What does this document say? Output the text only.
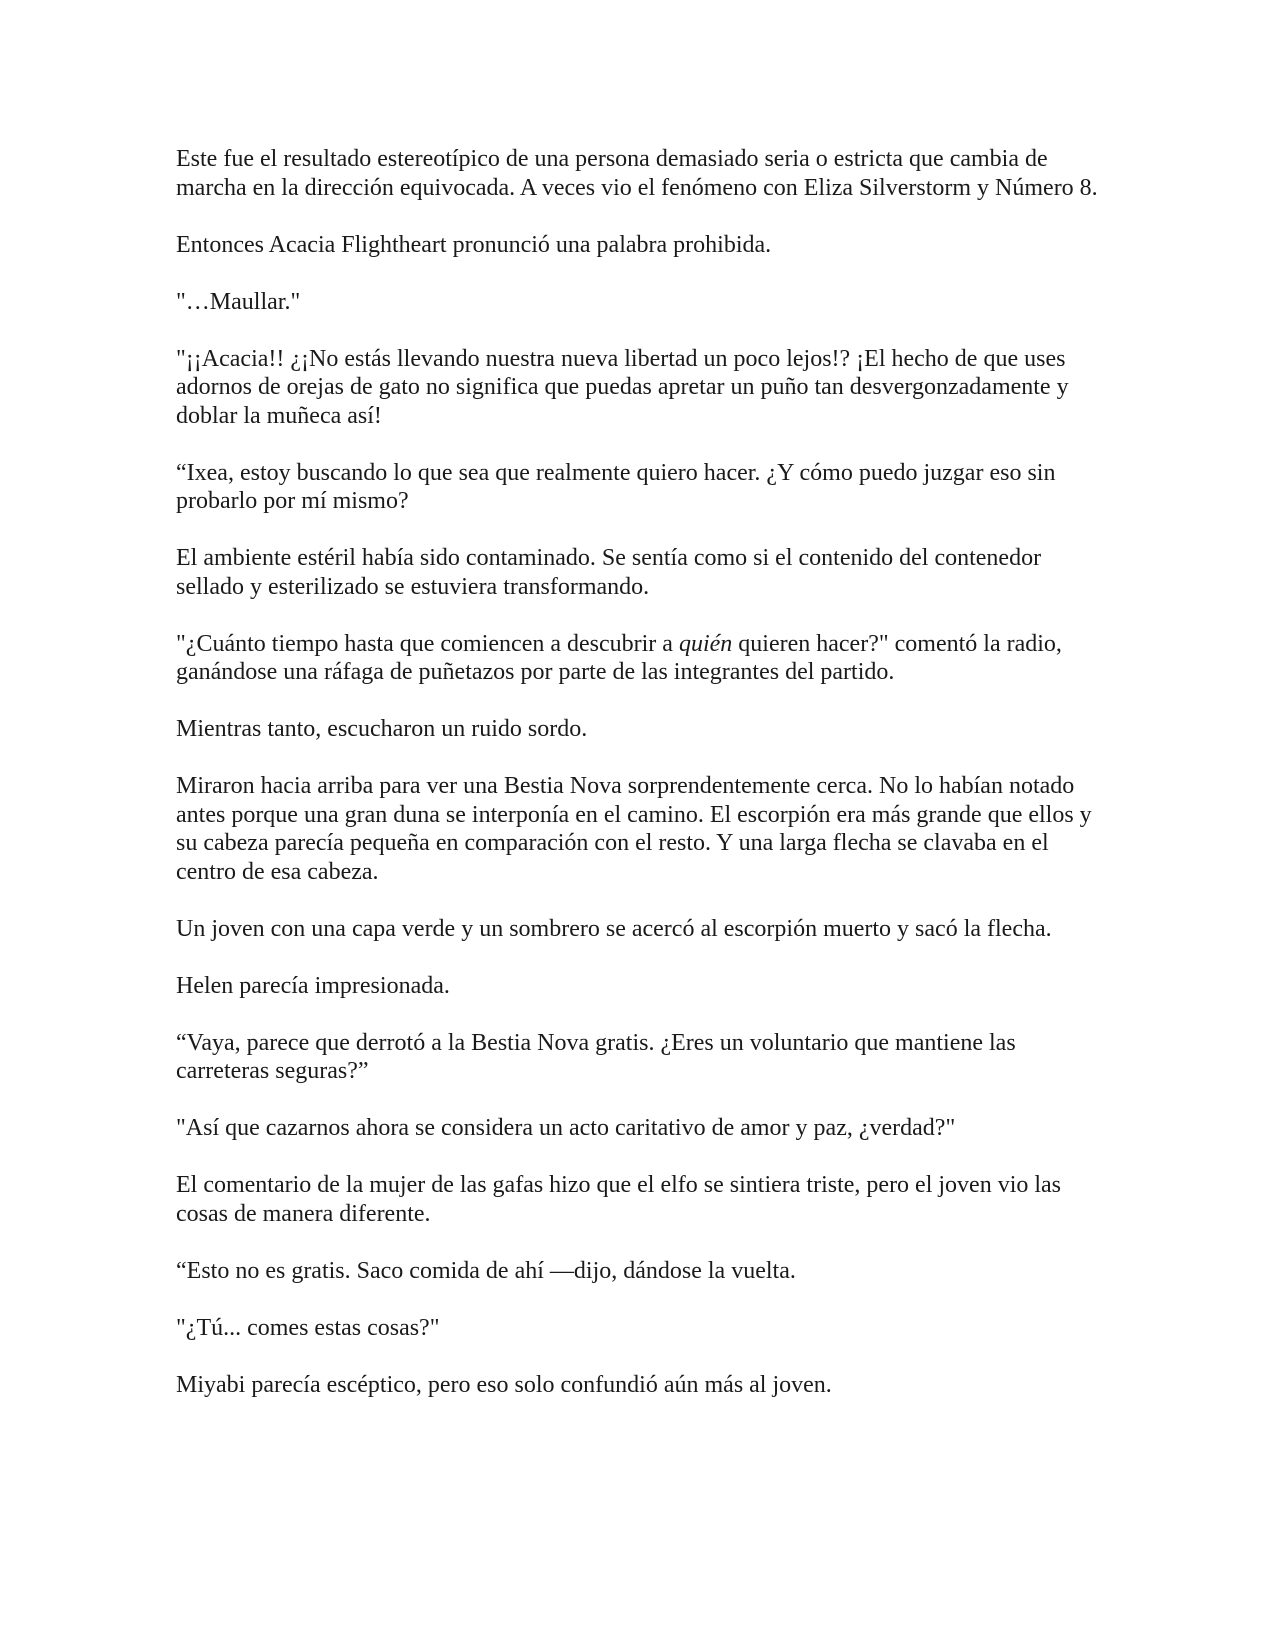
Este fue el resultado estereotípico de una persona demasiado seria o estricta que cambia de marcha en la dirección equivocada. A veces vio el fenómeno con Eliza Silverstorm y Número 8.

Entonces Acacia Flightheart pronunció una palabra prohibida.

"…Maullar."

"¡¡Acacia!! ¿¡No estás llevando nuestra nueva libertad un poco lejos!? ¡El hecho de que uses adornos de orejas de gato no significa que puedas apretar un puño tan desvergonzadamente y doblar la muñeca así!

“Ixea, estoy buscando lo que sea que realmente quiero hacer. ¿Y cómo puedo juzgar eso sin probarlo por mí mismo?

El ambiente estéril había sido contaminado. Se sentía como si el contenido del contenedor sellado y esterilizado se estuviera transformando.

"¿Cuánto tiempo hasta que comiencen a descubrir a quién quieren hacer?" comentó la radio, ganándose una ráfaga de puñetazos por parte de las integrantes del partido.

Mientras tanto, escucharon un ruido sordo.

Miraron hacia arriba para ver una Bestia Nova sorprendentemente cerca. No lo habían notado antes porque una gran duna se interponía en el camino. El escorpión era más grande que ellos y su cabeza parecía pequeña en comparación con el resto. Y una larga flecha se clavaba en el centro de esa cabeza.

Un joven con una capa verde y un sombrero se acercó al escorpión muerto y sacó la flecha.

Helen parecía impresionada.

“Vaya, parece que derrotó a la Bestia Nova gratis. ¿Eres un voluntario que mantiene las carreteras seguras?”

"Así que cazarnos ahora se considera un acto caritativo de amor y paz, ¿verdad?"

El comentario de la mujer de las gafas hizo que el elfo se sintiera triste, pero el joven vio las cosas de manera diferente.

“Esto no es gratis. Saco comida de ahí —dijo, dándose la vuelta.

"¿Tú... comes estas cosas?"

Miyabi parecía escéptico, pero eso solo confundió aún más al joven.
